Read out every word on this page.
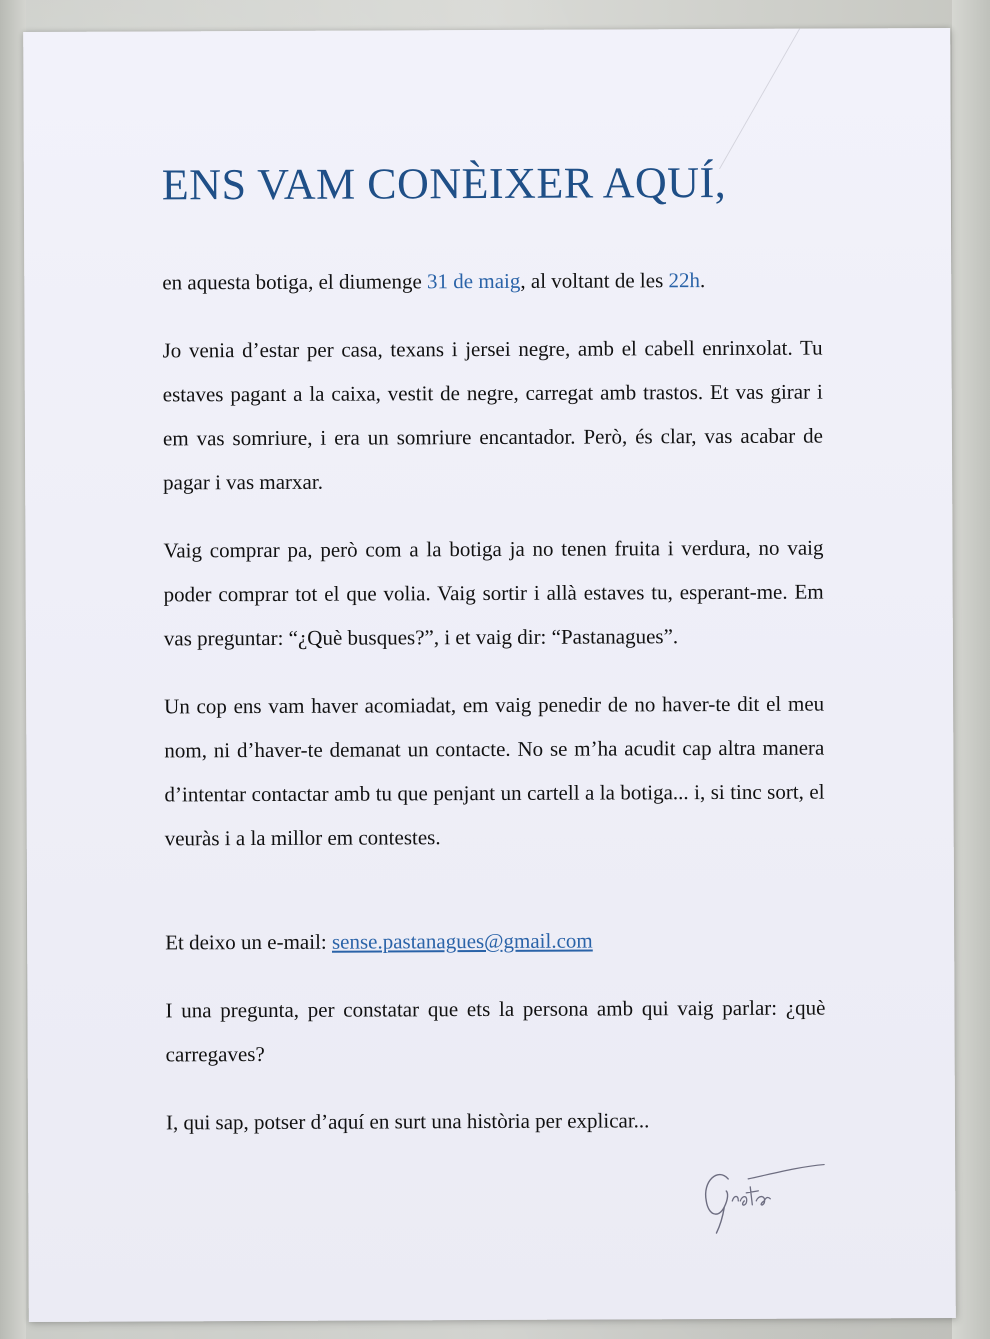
ENS VAM CONÈIXER AQUÍ,

en aquesta botiga, el diumenge 31 de maig, al voltant de les 22h.

Jo venia d’estar per casa, texans i jersei negre, amb el cabell enrinxolat. Tu estaves pagant a la caixa, vestit de negre, carregat amb trastos. Et vas girar i em vas somriure, i era un somriure encantador. Però, és clar, vas acabar de pagar i vas marxar.

Vaig comprar pa, però com a la botiga ja no tenen fruita i verdura, no vaig poder comprar tot el que volia. Vaig sortir i allà estaves tu, esperant-me. Em vas preguntar: “¿Què busques?”, i et vaig dir: “Pastanagues”.

Un cop ens vam haver acomiadat, em vaig penedir de no haver-te dit el meu nom, ni d’haver-te demanat un contacte. No se m’ha acudit cap altra manera d’intentar contactar amb tu que penjant un cartell a la botiga... i, si tinc sort, el veuràs i a la millor em contestes.

Et deixo un e-mail: sense.pastanagues@gmail.com

I una pregunta, per constatar que ets la persona amb qui vaig parlar: ¿què carregaves?

I, qui sap, potser d’aquí en surt una història per explicar...
